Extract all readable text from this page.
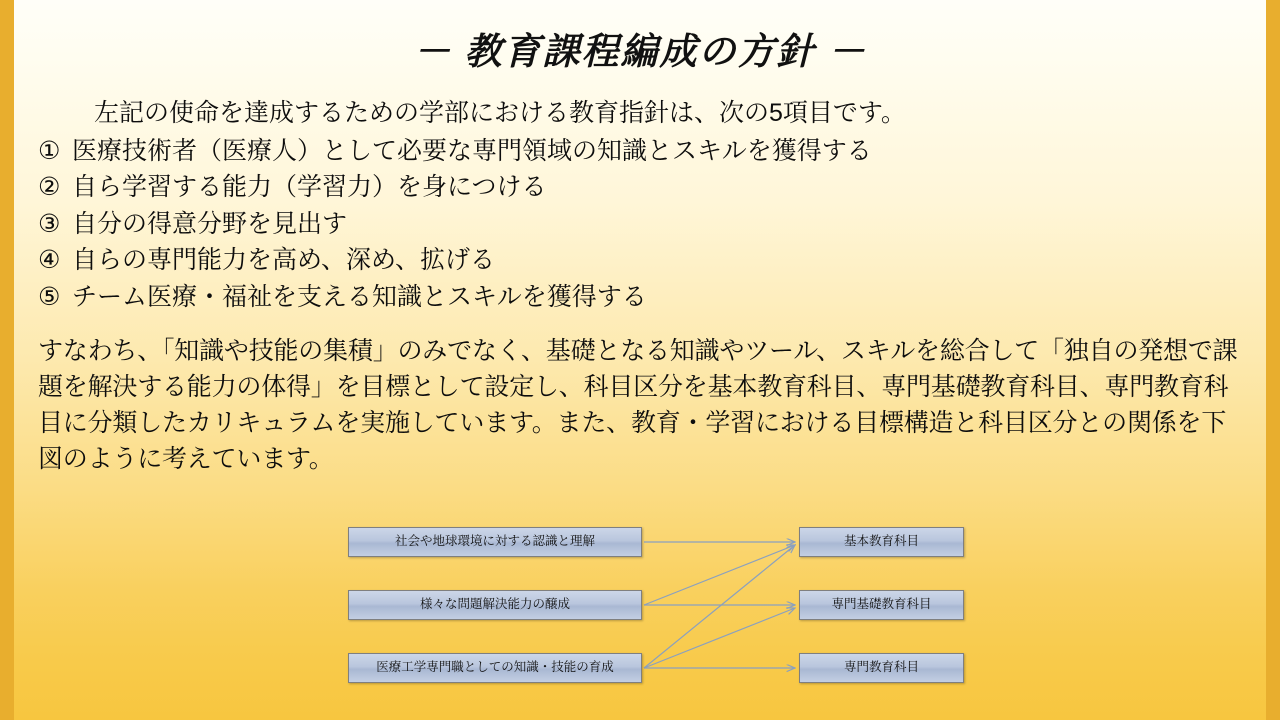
－ 教育課程編成の方針 －

左記の使命を達成するための学部における教育指針は、次の5項目です。

① 医療技術者（医療人）として必要な専門領域の知識とスキルを獲得する
② 自ら学習する能力（学習力）を身につける
③ 自分の得意分野を見出す
④ 自らの専門能力を高め、深め、拡げる
⑤ チーム医療・福祉を支える知識とスキルを獲得する

すなわち、「知識や技能の集積」のみでなく、基礎となる知識やツール、スキルを総合して「独自の発想で課題を解決する能力の体得」を目標として設定し、科目区分を基本教育科目、専門基礎教育科目、専門教育科目に分類したカリキュラムを実施しています。また、教育・学習における目標構造と科目区分との関係を下図のように考えています。

社会や地球環境に対する認識と理解
様々な問題解決能力の醸成
医療工学専門職としての知識・技能の育成
基本教育科目
専門基礎教育科目
専門教育科目
